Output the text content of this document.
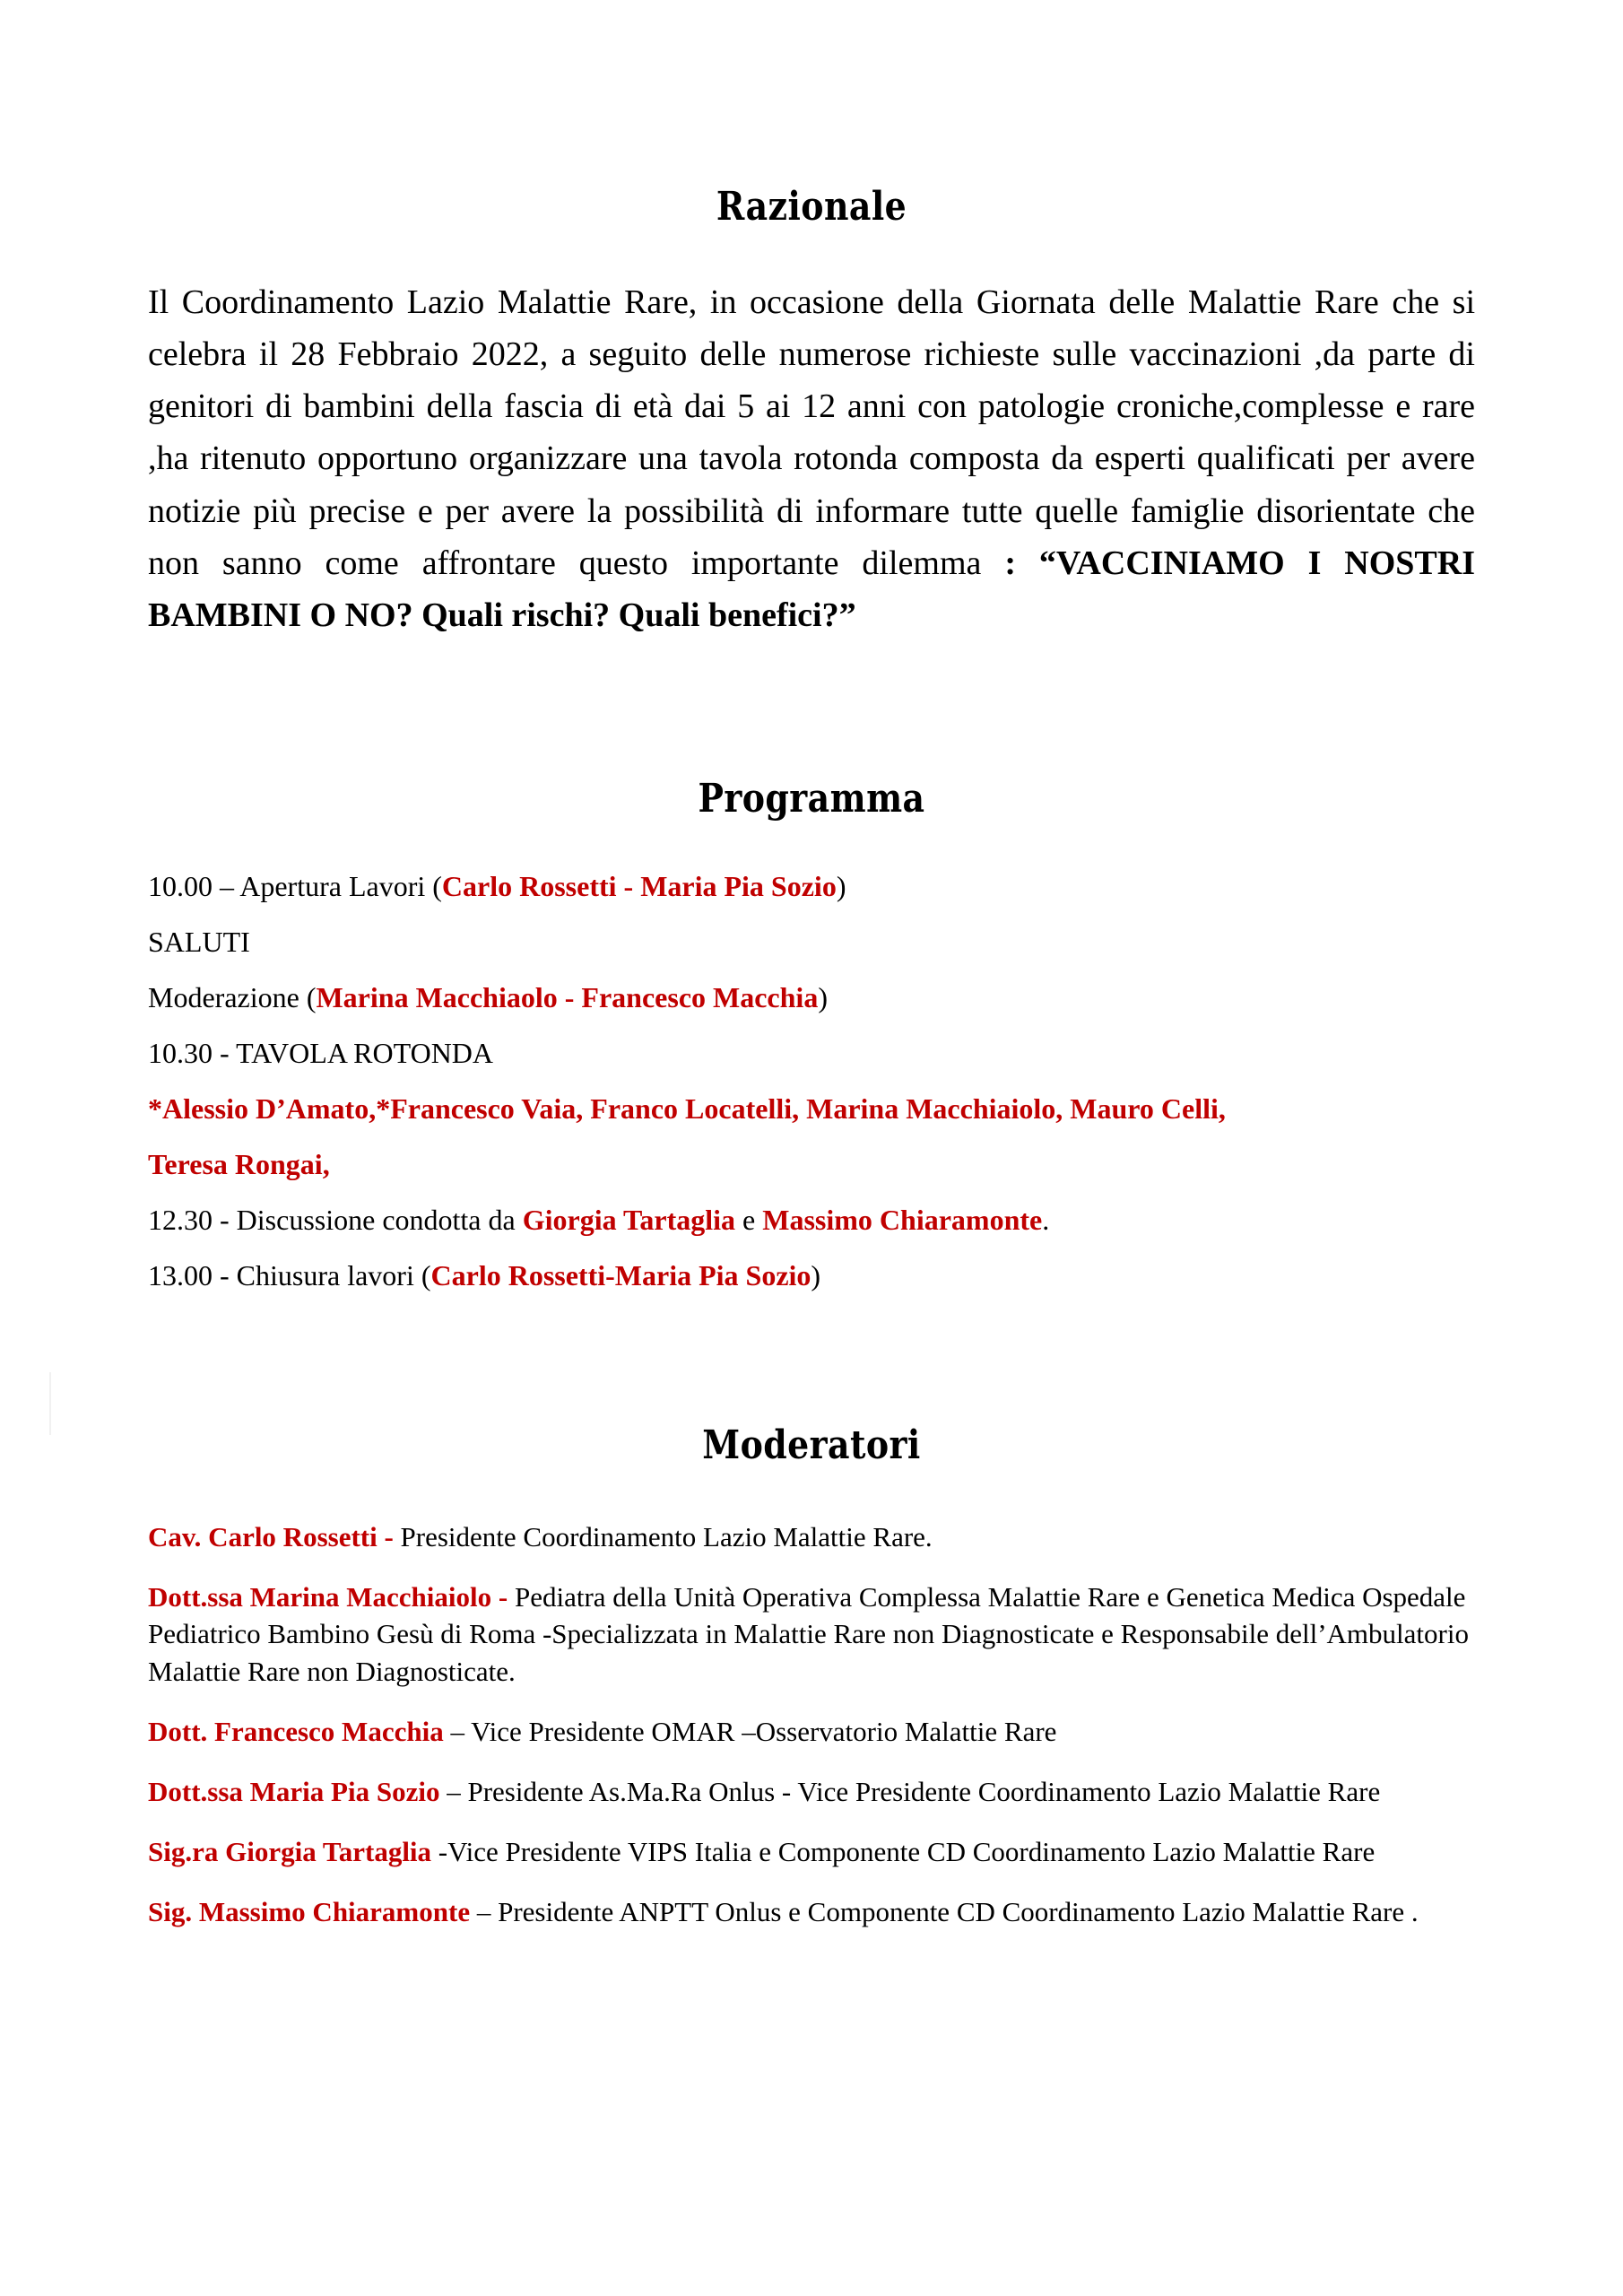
Razionale

Il Coordinamento Lazio Malattie Rare, in occasione della Giornata delle Malattie Rare che si celebra il 28 Febbraio 2022, a seguito delle numerose richieste sulle vaccinazioni ,da parte di genitori di bambini della fascia di età dai 5 ai 12 anni con patologie croniche,complesse e rare ,ha ritenuto opportuno organizzare una tavola rotonda composta da esperti qualificati per avere notizie più precise e per avere la possibilità di informare tutte quelle famiglie disorientate che non sanno come affrontare questo importante dilemma : “VACCINIAMO I NOSTRI BAMBINI O NO? Quali rischi? Quali benefici?”

Programma

10.00 – Apertura Lavori (Carlo Rossetti - Maria Pia Sozio)

SALUTI

Moderazione (Marina Macchiaolo - Francesco Macchia)

10.30 - TAVOLA ROTONDA

*Alessio D’Amato,*Francesco Vaia, Franco Locatelli, Marina Macchiaiolo, Mauro Celli,

Teresa Rongai,

12.30 - Discussione condotta da Giorgia Tartaglia e Massimo Chiaramonte.

13.00 - Chiusura lavori (Carlo Rossetti-Maria Pia Sozio)

Moderatori

Cav. Carlo Rossetti - Presidente Coordinamento Lazio Malattie Rare.

Dott.ssa Marina Macchiaiolo - Pediatra della Unità Operativa Complessa Malattie Rare e Genetica Medica Ospedale Pediatrico Bambino Gesù di Roma -Specializzata in Malattie Rare non Diagnosticate e Responsabile dell’Ambulatorio Malattie Rare non Diagnosticate.

Dott. Francesco Macchia – Vice Presidente OMAR –Osservatorio Malattie Rare

Dott.ssa Maria Pia Sozio – Presidente As.Ma.Ra Onlus - Vice Presidente Coordinamento Lazio Malattie Rare

Sig.ra Giorgia Tartaglia -Vice Presidente VIPS Italia e Componente CD Coordinamento Lazio Malattie Rare

Sig. Massimo Chiaramonte – Presidente ANPTT Onlus e Componente CD Coordinamento Lazio Malattie Rare .
